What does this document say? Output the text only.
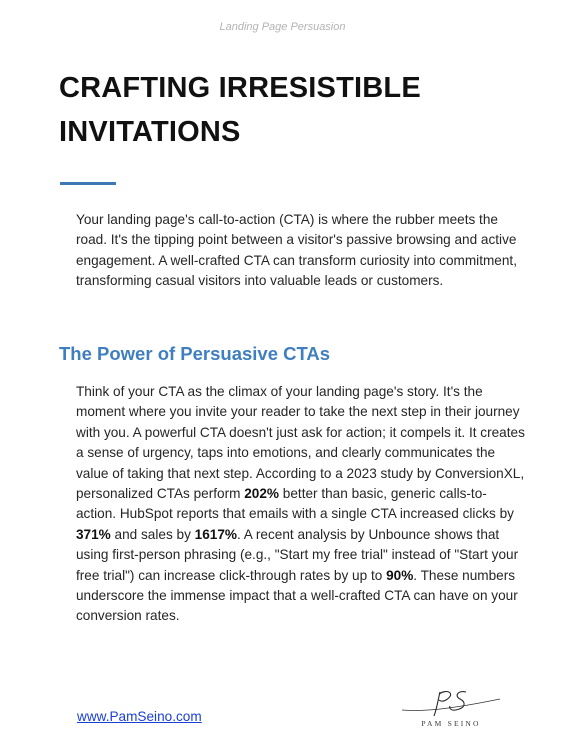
Landing Page Persuasion
CRAFTING IRRESISTIBLE
INVITATIONS

Your landing page's call-to-action (CTA) is where the rubber meets the road. It's the tipping point between a visitor's passive browsing and active engagement. A well-crafted CTA can transform curiosity into commitment, transforming casual visitors into valuable leads or customers.

The Power of Persuasive CTAs

Think of your CTA as the climax of your landing page's story. It's the moment where you invite your reader to take the next step in their journey with you. A powerful CTA doesn't just ask for action; it compels it. It creates a sense of urgency, taps into emotions, and clearly communicates the value of taking that next step. According to a 2023 study by ConversionXL, personalized CTAs perform 202% better than basic, generic calls-to-action. HubSpot reports that emails with a single CTA increased clicks by 371% and sales by 1617%. A recent analysis by Unbounce shows that using first-person phrasing (e.g., "Start my free trial" instead of "Start your free trial") can increase click-through rates by up to 90%. These numbers underscore the immense impact that a well-crafted CTA can have on your conversion rates.

www.PamSeino.com	PAM SEINO
